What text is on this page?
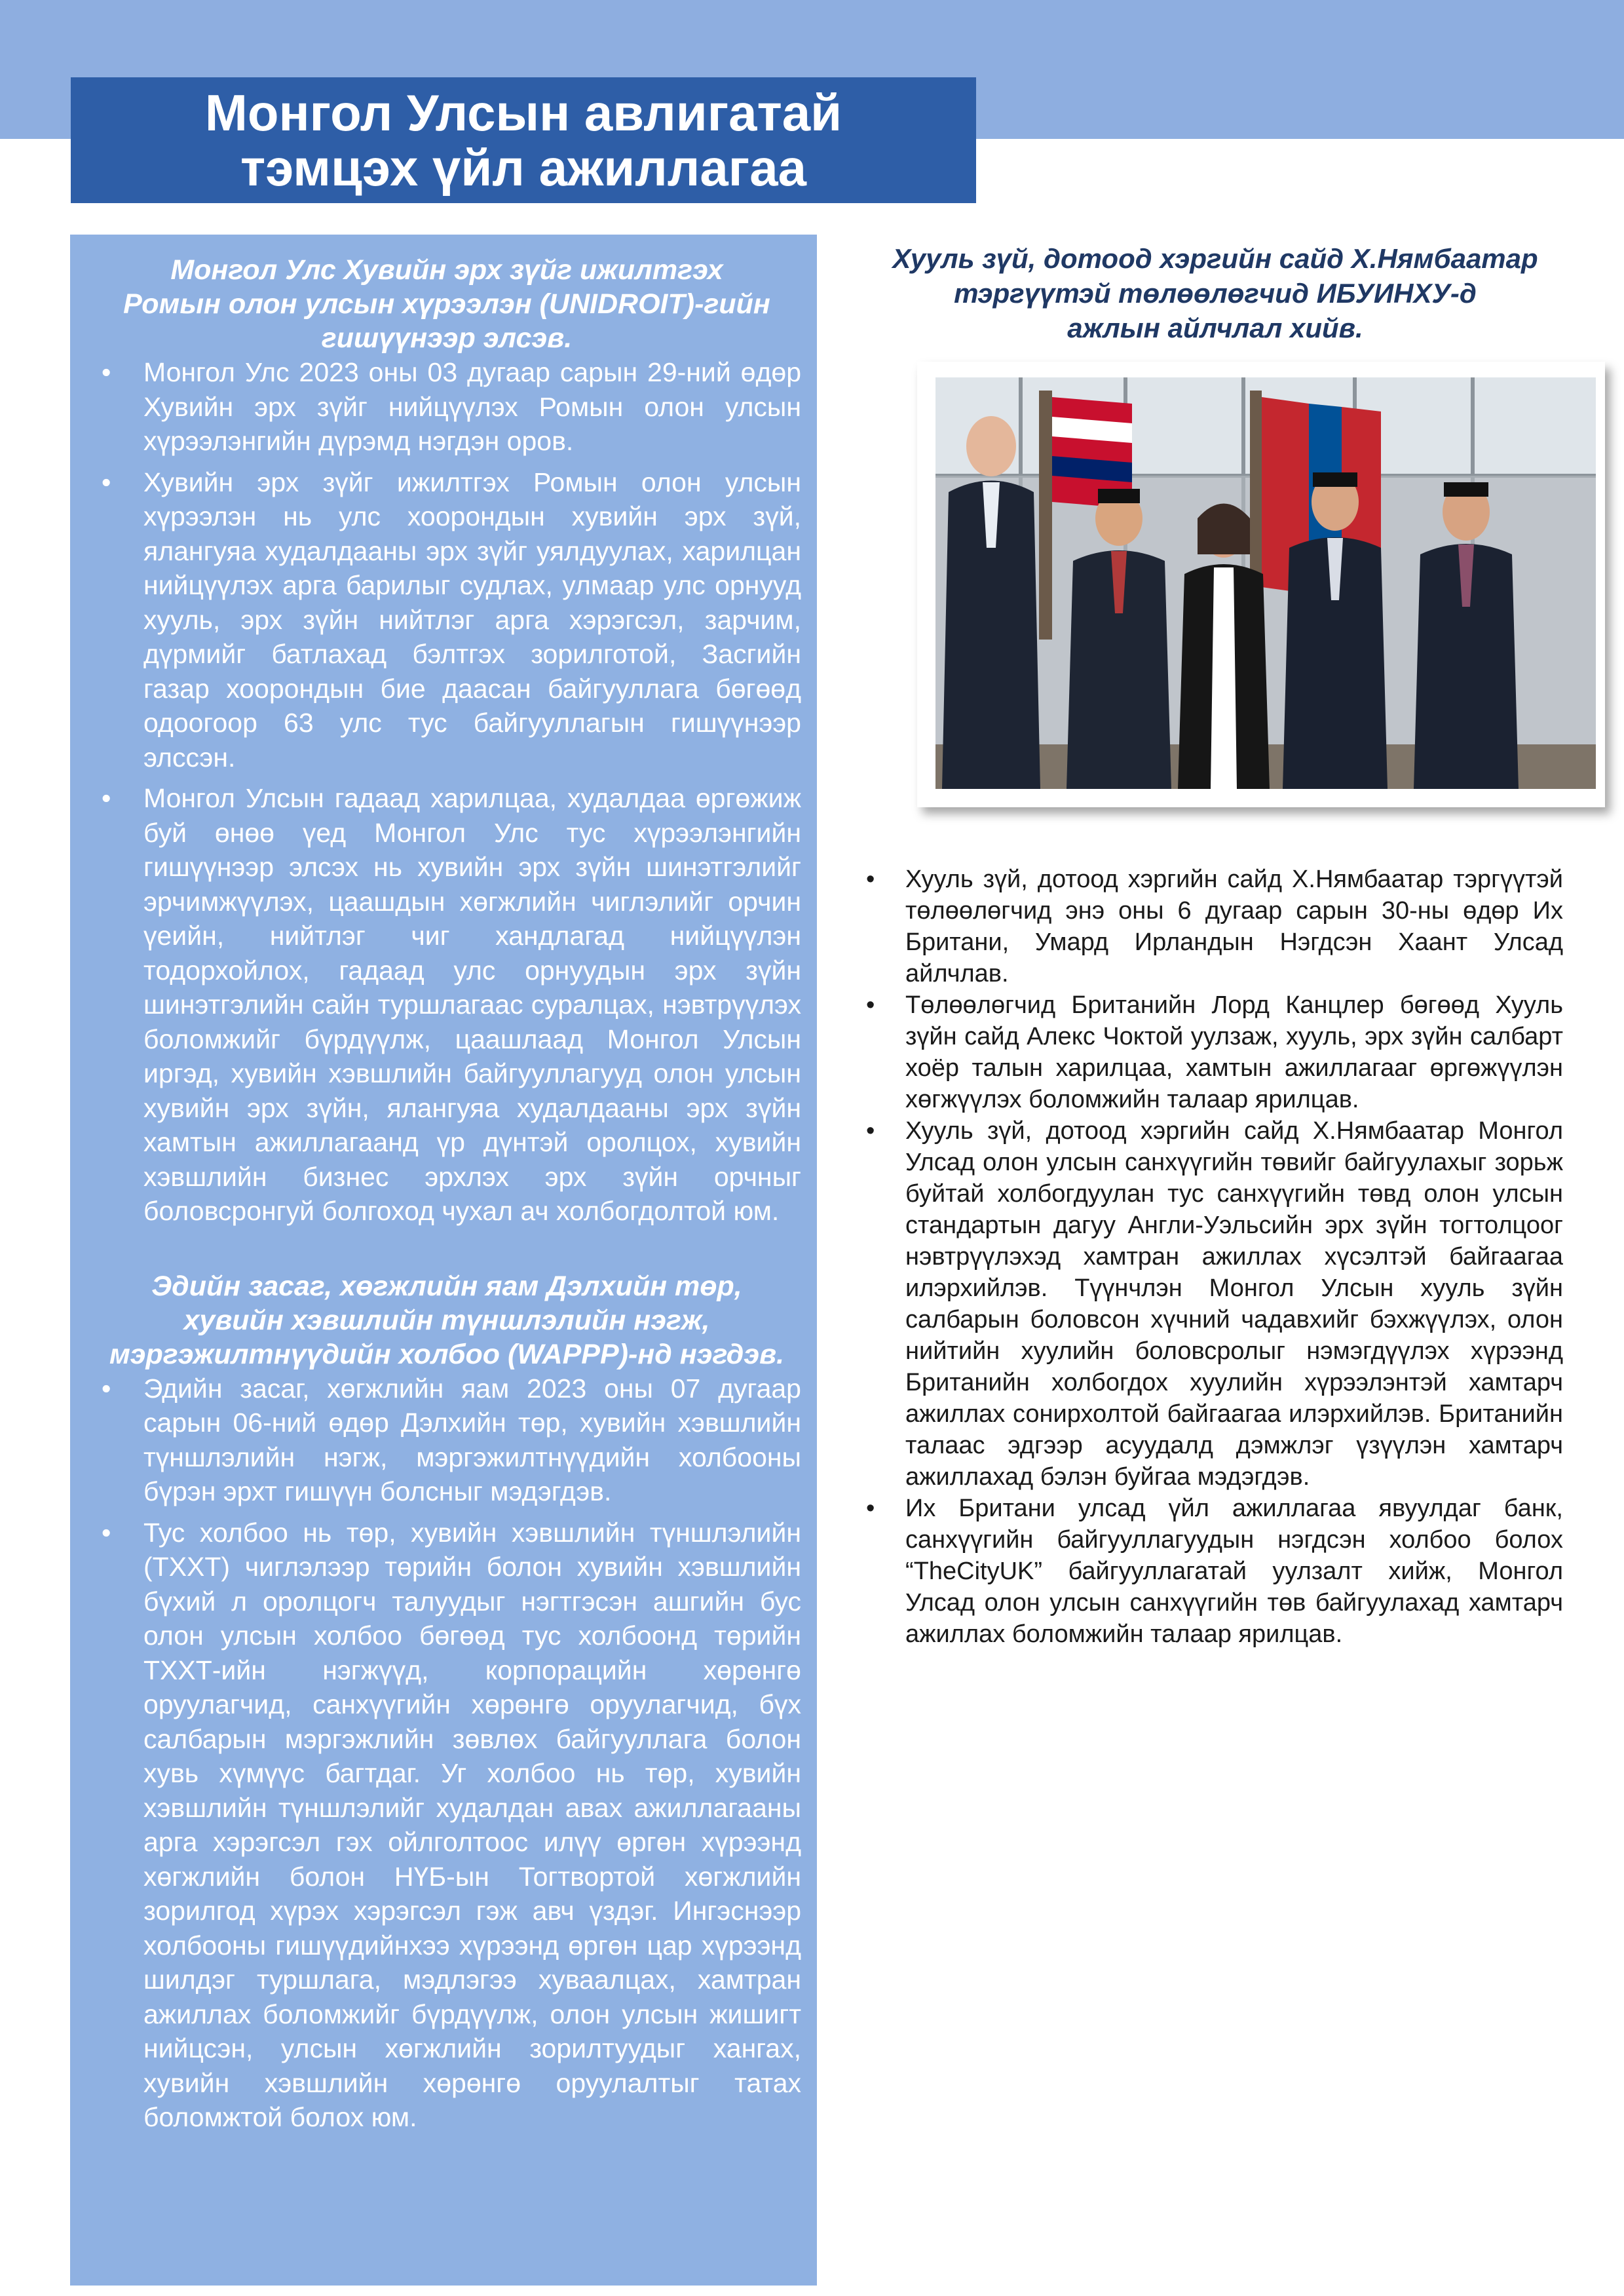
Монгол Улсын авлигатай
тэмцэх үйл ажиллагаа
Монгол Улс Хувийн эрх зүйг ижилтгэх
Ромын олон улсын хүрээлэн (UNIDROIT)-гийн
гишүүнээр элсэв.
• Монгол Улс 2023 оны 03 дугаар сарын 29-ний өдөр Хувийн эрх зүйг нийцүүлэх Ромын олон улсын хүрээлэнгийн дүрэмд нэгдэн оров.
• Хувийн эрх зүйг ижилтгэх Ромын олон улсын хүрээлэн нь улс хоорондын хувийн эрх зүй, ялангуяа худалдааны эрх зүйг уялдуулах, харилцан нийцүүлэх арга барилыг судлах, улмаар улс орнууд хууль, эрх зүйн нийтлэг арга хэрэгсэл, зарчим, дүрмийг батлахад бэлтгэх зорилготой, Засгийн газар хоорондын бие даасан байгууллага бөгөөд одоогоор 63 улс тус байгууллагын гишүүнээр элссэн.
• Монгол Улсын гадаад харилцаа, худалдаа өргөжиж буй өнөө үед Монгол Улс тус хүрээлэнгийн гишүүнээр элсэх нь хувийн эрх зүйн шинэтгэлийг эрчимжүүлэх, цаашдын хөгжлийн чиглэлийг орчин үеийн, нийтлэг чиг хандлагад нийцүүлэн тодорхойлох, гадаад улс орнуудын эрх зүйн шинэтгэлийн сайн туршлагаас суралцах, нэвтрүүлэх боломжийг бүрдүүлж, цаашлаад Монгол Улсын иргэд, хувийн хэвшлийн байгууллагууд олон улсын хувийн эрх зүйн, ялангуяа худалдааны эрх зүйн хамтын ажиллагаанд үр дүнтэй оролцох, хувийн хэвшлийн бизнес эрхлэх эрх зүйн орчныг боловсронгуй болгоход чухал ач холбогдолтой юм.
Эдийн засаг, хөгжлийн яам Дэлхийн төр,
хувийн хэвшлийн түншлэлийн нэгж,
мэргэжилтнүүдийн холбоо (WAPPP)-нд нэгдэв.
• Эдийн засаг, хөгжлийн яам 2023 оны 07 дугаар сарын 06-ний өдөр Дэлхийн төр, хувийн хэвшлийн түншлэлийн нэгж, мэргэжилтнүүдийн холбооны бүрэн эрхт гишүүн болсныг мэдэгдэв.
• Тус холбоо нь төр, хувийн хэвшлийн түншлэлийн (ТХХТ) чиглэлээр төрийн болон хувийн хэвшлийн бүхий л оролцогч талуудыг нэгтгэсэн ашгийн бус олон улсын холбоо бөгөөд тус холбоонд төрийн ТХХТ-ийн нэгжүүд, корпорацийн хөрөнгө оруулагчид, санхүүгийн хөрөнгө оруулагчид, бүх салбарын мэргэжлийн зөвлөх байгууллага болон хувь хүмүүс багтдаг. Уг холбоо нь төр, хувийн хэвшлийн түншлэлийг худалдан авах ажиллагааны арга хэрэгсэл гэх ойлголтоос илүү өргөн хүрээнд хөгжлийн болон НҮБ-ын Тогтвортой хөгжлийн зорилгод хүрэх хэрэгсэл гэж авч үздэг. Ингэснээр холбооны гишүүдийнхээ хүрээнд өргөн цар хүрээнд шилдэг туршлага, мэдлэгээ хуваалцах, хамтран ажиллах боломжийг бүрдүүлж, олон улсын жишигт нийцсэн, улсын хөгжлийн зорилтуудыг хангах, хувийн хэвшлийн хөрөнгө оруулалтыг татах боломжтой болох юм.
Хууль зүй, дотоод хэргийн сайд Х.Нямбаатар
тэргүүтэй төлөөлөгчид ИБУИНХУ-д
ажлын айлчлал хийв.
• Хууль зүй, дотоод хэргийн сайд Х.Нямбаатар тэргүүтэй төлөөлөгчид энэ оны 6 дугаар сарын 30-ны өдөр Их Британи, Умард Ирландын Нэгдсэн Хаант Улсад айлчлав.
• Төлөөлөгчид Британийн Лорд Канцлер бөгөөд Хууль зүйн сайд Алекс Чоктой уулзаж, хууль, эрх зүйн салбарт хоёр талын харилцаа, хамтын ажиллагааг өргөжүүлэн хөгжүүлэх боломжийн талаар ярилцав.
• Хууль зүй, дотоод хэргийн сайд Х.Нямбаатар Монгол Улсад олон улсын санхүүгийн төвийг байгуулахыг зорьж буйтай холбогдуулан тус санхүүгийн төвд олон улсын стандартын дагуу Англи-Уэльсийн эрх зүйн тогтолцоог нэвтрүүлэхэд хамтран ажиллах хүсэлтэй байгаагаа илэрхийлэв. Түүнчлэн Монгол Улсын хууль зүйн салбарын боловсон хүчний чадавхийг бэхжүүлэх, олон нийтийн хуулийн боловсролыг нэмэгдүүлэх хүрээнд Британийн холбогдох хуулийн хүрээлэнтэй хамтарч ажиллах сонирхолтой байгаагаа илэрхийлэв. Британийн талаас эдгээр асуудалд дэмжлэг үзүүлэн хамтарч ажиллахад бэлэн буйгаа мэдэгдэв.
• Их Британи улсад үйл ажиллагаа явуулдаг банк, санхүүгийн байгууллагуудын нэгдсэн холбоо болох “TheCityUK” байгууллагатай уулзалт хийж, Монгол Улсад олон улсын санхүүгийн төв байгуулахад хамтарч ажиллах боломжийн талаар ярилцав.
